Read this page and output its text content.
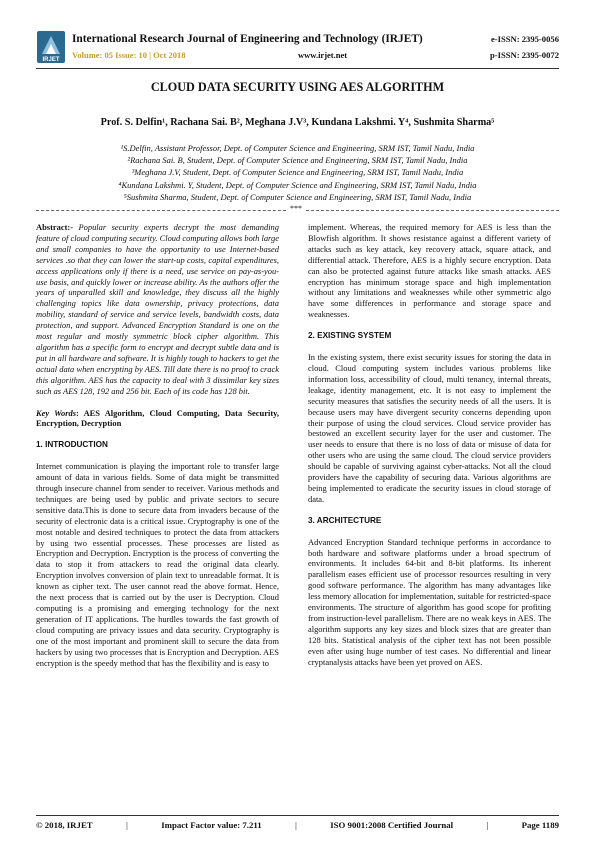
IRJET
International Research Journal of Engineering and Technology (IRJET)
Volume: 05 Issue: 10 | Oct 2018	www.irjet.net
e-ISSN: 2395-0056
p-ISSN: 2395-0072
CLOUD DATA SECURITY USING AES ALGORITHM
Prof. S. Delfin¹, Rachana Sai. B², Meghana J.V³, Kundana Lakshmi. Y⁴, Sushmita Sharma⁵
¹S.Delfin, Assistant Professor, Dept. of Computer Science and Engineering, SRM IST, Tamil Nadu, India
²Rachana Sai. B, Student, Dept. of Computer Science and Engineering, SRM IST, Tamil Nadu, India
³Meghana J.V, Student, Dept. of Computer Science and Engineering, SRM IST, Tamil Nadu, India
⁴Kundana Lakshmi. Y, Student, Dept. of Computer Science and Engineering, SRM IST, Tamil Nadu, India
⁵Sushmita Sharma, Student, Dept. of Computer Science and Engineering, SRM IST, Tamil Nadu, India
***

Abstract:- Popular security experts decrypt the most demanding feature of cloud computing security. Cloud computing allows both large and small companies to have the opportunity to use Internet-based services .so that they can lower the start-up costs, capital expenditures, access applications only if there is a need, use service on pay-as-you-use basis, and quickly lower or increase ability. As the authors offer the years of unparalled skill and knowledge, they discuss all the highly challenging topics like data ownership, privacy protections, data mobility, standard of service and service levels, bandwidth costs, data protection, and support. Advanced Encryption Standard is one on the most regular and mostly symmetric block cipher algorithm. This algorithm has a specific form to encrypt and decrypt subtle data and is put in all hardware and software. It is highly tough to hackers to get the actual data when encrypting by AES. Till date there is no proof to crack this algorithm. AES has the capacity to deal with 3 dissimilar key sizes such as AES 128, 192 and 256 bit. Each of its code has 128 bit.

Key Words: AES Algorithm, Cloud Computing, Data Security, Encryption, Decryption

1. INTRODUCTION

Internet communication is playing the important role to transfer large amount of data in various fields. Some of data might be transmitted through insecure channel from sender to receiver. Various methods and techniques are being used by public and private sectors to secure sensitive data.This is done to secure data from invaders because of the security of electronic data is a critical issue. Cryptography is one of the most notable and desired techniques to protect the data from attackers by using two essential processes. These processes are listed as Encryption and Decryption. Encryption is the process of converting the data to stop it from attackers to read the original data clearly. Encryption involves conversion of plain text to unreadable format. It is known as cipher text. The user cannot read the above format. Hence, the next process that is carried out by the user is Decryption. Cloud computing is a promising and emerging technology for the next generation of IT applications. The hurdles towards the fast growth of cloud computing are privacy issues and data security. Cryptography is one of the most important and prominent skill to secure the data from hackers by using two processes that is Encryption and Decryption. AES encryption is the speedy method that has the flexibility and is easy to

implement. Whereas, the required memory for AES is less than the Blowfish algorithm. It shows resistance against a different variety of attacks such as key attack, key recovery attack, square attack, and differential attack. Therefore, AES is a highly secure encryption. Data can also be protected against future attacks like smash attacks. AES encryption has minimum storage space and high implementation without any limitations and weaknesses while other symmetric algo have some differences in performance and storage space and weaknesses.

2. EXISTING SYSTEM

In the existing system, there exist security issues for storing the data in cloud. Cloud computing system includes various problems like information loss, accessibility of cloud, multi tenancy, internal threats, leakage, identity management, etc. It is not easy to implement the security measures that satisfies the security needs of all the users. It is because users may have divergent security concerns depending upon their purpose of using the cloud services. Cloud service provider has bestowed an excellent security layer for the user and customer. The user needs to ensure that there is no loss of data or misuse of data for other users who are using the same cloud. The cloud service providers should be capable of surviving against cyber-attacks. Not all the cloud providers have the capability of securing data. Various algorithms are being implemented to eradicate the security issues in cloud storage of data.

3. ARCHITECTURE

Advanced Encryption Standard technique performs in accordance to both hardware and software platforms under a broad spectrum of environments. It includes 64-bit and 8-bit platforms. Its inherent parallelism eases efficient use of processor resources resulting in very good software performance. The algorithm has many advantages like less memory allocation for implementation, suitable for restricted-space environments. The structure of algorithm has good scope for profiting from instruction-level parallelism. There are no weak keys in AES. The algorithm supports any key sizes and block sizes that are greater than 128 bits. Statistical analysis of the cipher text has not been possible even after using huge number of test cases. No differential and linear cryptanalysis attacks have been yet proved on AES.

© 2018, IRJET	|	Impact Factor value: 7.211	|	ISO 9001:2008 Certified Journal	|	Page 1189
